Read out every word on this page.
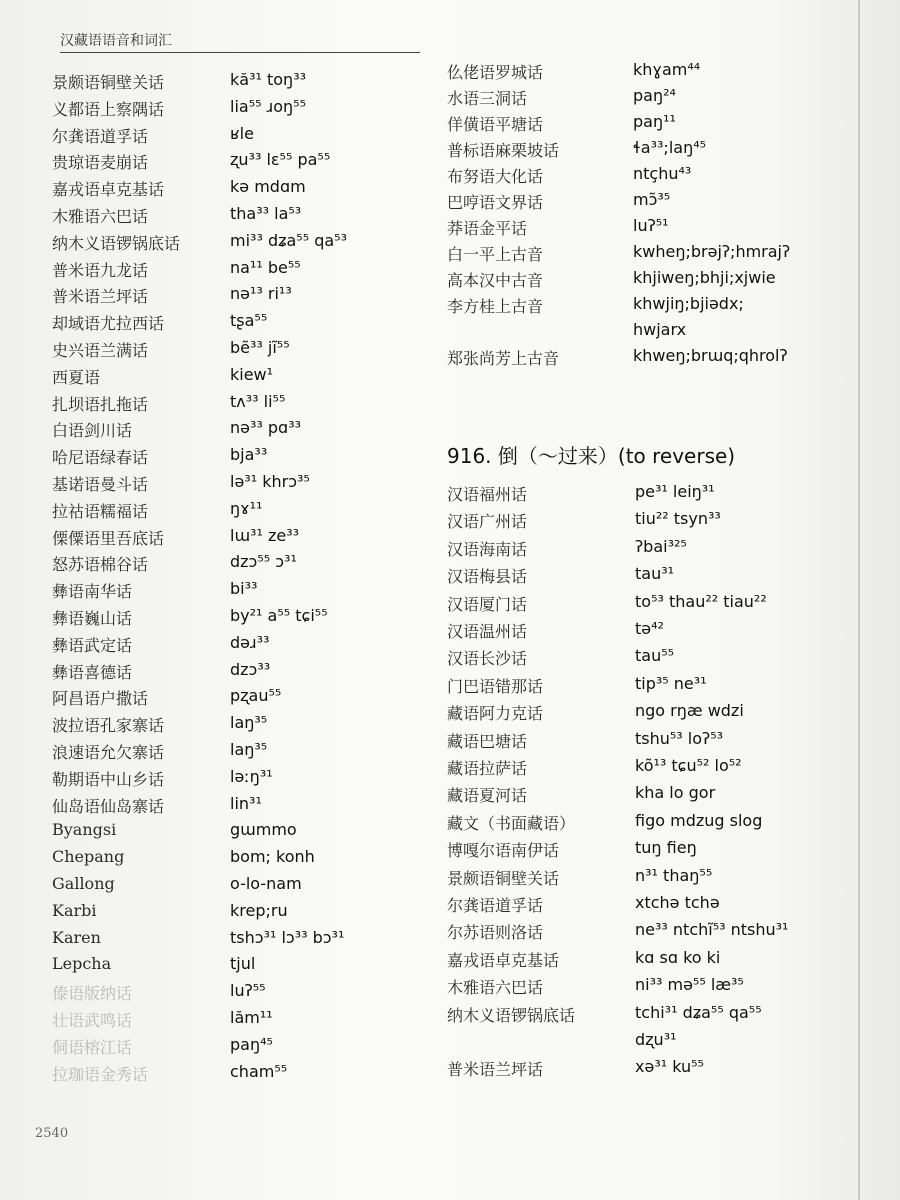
汉藏语语音和词汇
景颇语铜壁关话	kă³¹ toŋ³³
义都语上察隅话	lia⁵⁵ ɹoŋ⁵⁵
尔龚语道孚话	ʁle
贵琼语麦崩话	ʐu³³ lɛ⁵⁵ pa⁵⁵
嘉戎语卓克基话	kə mdɑm
木雅语六巴话	tha³³ la⁵³
纳木义语锣锅底话	mi³³ dʑa⁵⁵ qa⁵³
普米语九龙话	na¹¹ be⁵⁵
普米语兰坪话	nə¹³ ri¹³
却域语尤拉西话	tʂa⁵⁵
史兴语兰满话	bẽ³³ jĩ⁵⁵
西夏语	kiew¹
扎坝语扎拖话	tʌ³³ li⁵⁵
白语剑川话	nə³³ pɑ³³
哈尼语绿春话	bja³³
基诺语曼斗话	lə³¹ khrɔ³⁵
拉祜语糯福话	ŋɤ¹¹
傈僳语里吾底话	lɯ³¹ ze³³
怒苏语棉谷话	dzɔ⁵⁵ ɔ³¹
彝语南华话	bi³³
彝语巍山话	by²¹ a⁵⁵ tɕi⁵⁵
彝语武定话	dəɹ³³
彝语喜德话	dzɔ³³
阿昌语户撒话	pʐau⁵⁵
波拉语孔家寨话	laŋ³⁵
浪速语允欠寨话	laŋ³⁵
勒期语中山乡话	ləːŋ³¹
仙岛语仙岛寨话	lin³¹
Byangsi	gɯmmo
Chepang	bom; konh
Gallong	o-lo-nam
Karbi	krep;ru
Karen	tshɔ³¹ lɔ³³ bɔ³¹
Lepcha	tjul
傣语版纳话	luʔ⁵⁵
壮语武鸣话	lăm¹¹
侗语榕江话	paŋ⁴⁵
拉珈语金秀话	cham⁵⁵
仫佬语罗城话	khɣam⁴⁴
水语三洞话	paŋ²⁴
佯僙语平塘话	paŋ¹¹
普标语麻栗坡话	ɬa³³;laŋ⁴⁵
布努语大化话	ntçhu⁴³
巴哼语文界话	mɔ̃³⁵
莽语金平话	luʔ⁵¹
白一平上古音	kwheŋ;brəjʔ;hmrajʔ
高本汉中古音	khjiweŋ;bhji;xjwie
李方桂上古音	khwjiŋ;bjiədx;
hwjarx
郑张尚芳上古音	khweŋ;brɯq;qhrolʔ
916. 倒（～过来）(to reverse)
汉语福州话	pe³¹ leiŋ³¹
汉语广州话	tiu²² tsyn³³
汉语海南话	ʔbai³²⁵
汉语梅县话	tau³¹
汉语厦门话	to⁵³ thau²² tiau²²
汉语温州话	tə⁴²
汉语长沙话	tau⁵⁵
门巴语错那话	tip³⁵ ne³¹
藏语阿力克话	ngo rŋæ wdzi
藏语巴塘话	tshu⁵³ loʔ⁵³
藏语拉萨话	kõ¹³ tɕu⁵² lo⁵²
藏语夏河话	kha lo gor
藏文（书面藏语）	figo mdzug slog
博嘎尔语南伊话	tuŋ fieŋ
景颇语铜壁关话	n³¹ thaŋ⁵⁵
尔龚语道孚话	xtchə tchə
尔苏语则洛话	ne³³ ntchĩ⁵³ ntshu³¹
嘉戎语卓克基话	kɑ sɑ ko ki
木雅语六巴话	ni³³ mə⁵⁵ læ³⁵
纳木义语锣锅底话	tchi³¹ dʑa⁵⁵ qa⁵⁵
dʐu³¹
普米语兰坪话	xə³¹ ku⁵⁵
2540
